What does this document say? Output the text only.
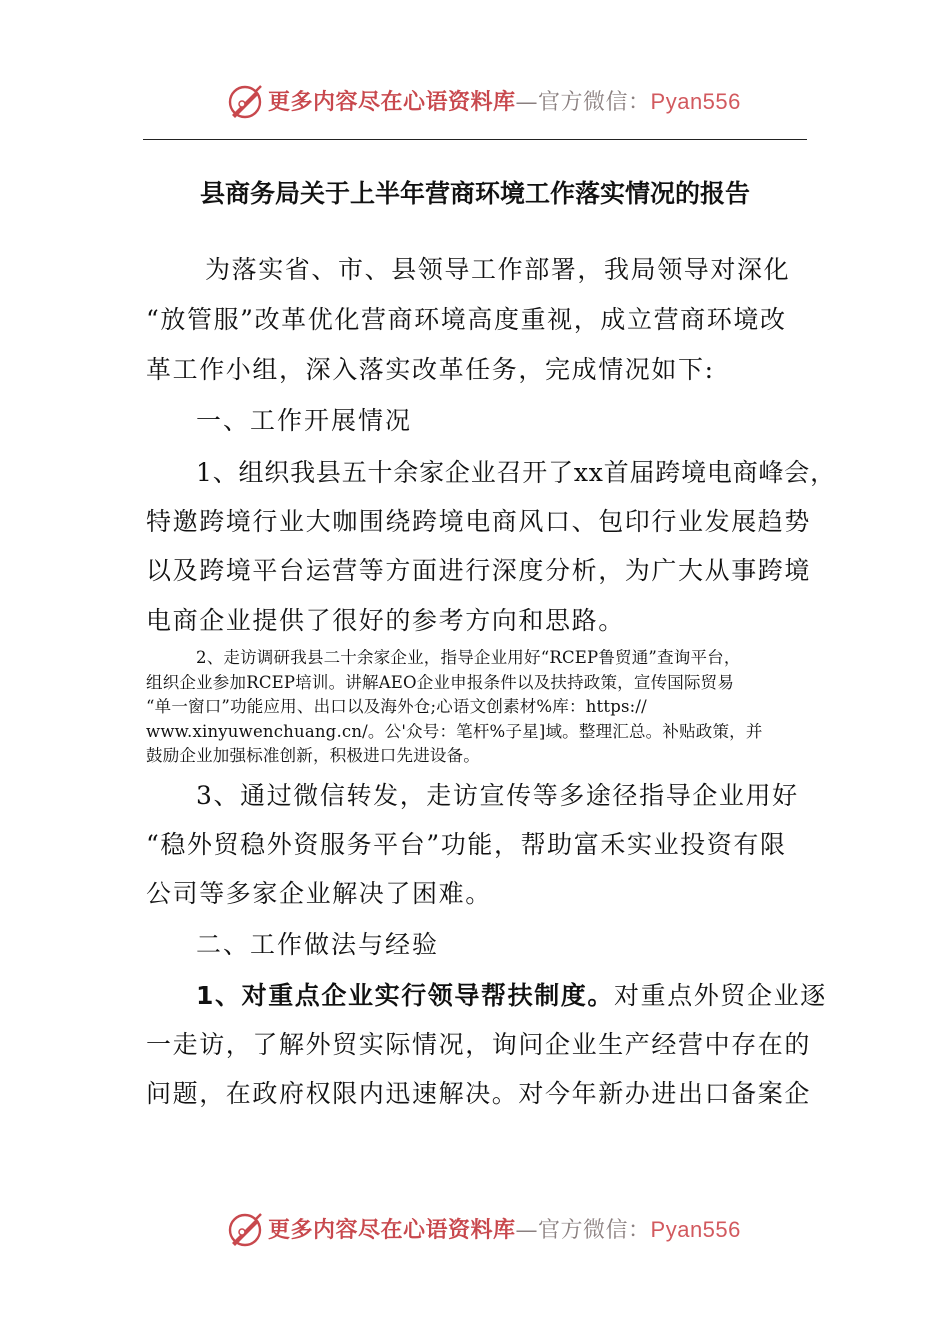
更多内容尽在心语资料库—官方微信：Pyan556
县商务局关于上半年营商环境工作落实情况的报告
为落实省、市、县领导工作部署，我局领导对深化
“放管服”改革优化营商环境高度重视，成立营商环境改
革工作小组，深入落实改革任务，完成情况如下:
一、工作开展情况
1、组织我县五十余家企业召开了xx首届跨境电商峰会，
特邀跨境行业大咖围绕跨境电商风口、包印行业发展趋势
以及跨境平台运营等方面进行深度分析，为广大从事跨境
电商企业提供了很好的参考方向和思路。
2、走访调研我县二十余家企业，指导企业用好“RCEP鲁贸通”查询平台，
组织企业参加RCEP培训。讲解AEO企业申报条件以及扶持政策，宣传国际贸易
“单一窗口”功能应用、出口以及海外仓;心语文创素材%库：https://
www.xinyuwenchuang.cn/。公'众号：笔杆%子星]域。整理汇总。补贴政策，并
鼓励企业加强标准创新，积极进口先进设备。
3、通过微信转发，走访宣传等多途径指导企业用好
“稳外贸稳外资服务平台”功能，帮助富禾实业投资有限
公司等多家企业解决了困难。
二、工作做法与经验
1、对重点企业实行领导帮扶制度。对重点外贸企业逐
一走访，了解外贸实际情况，询问企业生产经营中存在的
问题，在政府权限内迅速解决。对今年新办进出口备案企
更多内容尽在心语资料库—官方微信：Pyan556
